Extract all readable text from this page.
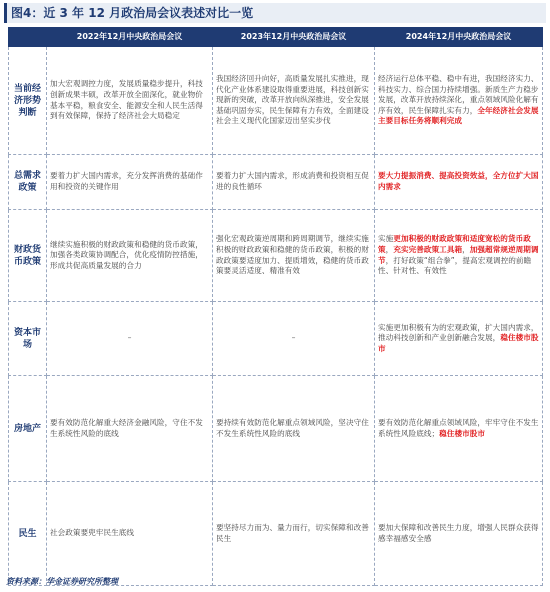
图4：近 3 年 12 月政治局会议表述对比一览
	2022年12月中央政治局会议	2023年12月中央政治局会议	2024年12月中央政治局会议
当前经济形势判断	加大宏观调控力度，发展质量稳步提升，科技创新成果丰硕，改革开放全面深化，就业物价基本平稳，粮食安全、能源安全和人民生活得到有效保障，保持了经济社会大局稳定	我国经济回升向好，高质量发展扎实推进，现代化产业体系建设取得重要进展，科技创新实现新的突破，改革开放向纵深推进，安全发展基础巩固夯实，民生保障有力有效，全面建设社会主义现代化国家迈出坚实步伐	经济运行总体平稳、稳中有进，我国经济实力、科技实力、综合国力持续增强。新质生产力稳步发展，改革开放持续深化，重点领域风险化解有序有效，民生保障扎实有力，全年经济社会发展主要目标任务将顺利完成
总需求政策	要着力扩大国内需求，充分发挥消费的基础作用和投资的关键作用	要着力扩大国内需求，形成消费和投资相互促进的良性循环	要大力提振消费、提高投资效益，全方位扩大国内需求
财政货币政策	继续实施积极的财政政策和稳健的货币政策，加强各类政策协调配合，优化疫情防控措施，形成共促高质量发展的合力	强化宏观政策逆周期和跨周期调节，继续实施积极的财政政策和稳健的货币政策，积极的财政政策要适度加力、提质增效，稳健的货币政策要灵活适度、精准有效	实施更加积极的财政政策和适度宽松的货币政策，充实完善政策工具箱，加强超常规逆周期调节，打好政策“组合拳”，提高宏观调控的前瞻性、针对性、有效性
资本市场	–	–	实施更加积极有为的宏观政策，扩大国内需求，推动科技创新和产业创新融合发展，稳住楼市股市
房地产	要有效防范化解重大经济金融风险，守住不发生系统性风险的底线	要持续有效防范化解重点领域风险，坚决守住不发生系统性风险的底线	要有效防范化解重点领域风险，牢牢守住不发生系统性风险底线；稳住楼市股市
民生	社会政策要兜牢民生底线	要坚持尽力而为、量力而行，切实保障和改善民生	要加大保障和改善民生力度，增强人民群众获得感幸福感安全感
资料来源：华金证券研究所整理
